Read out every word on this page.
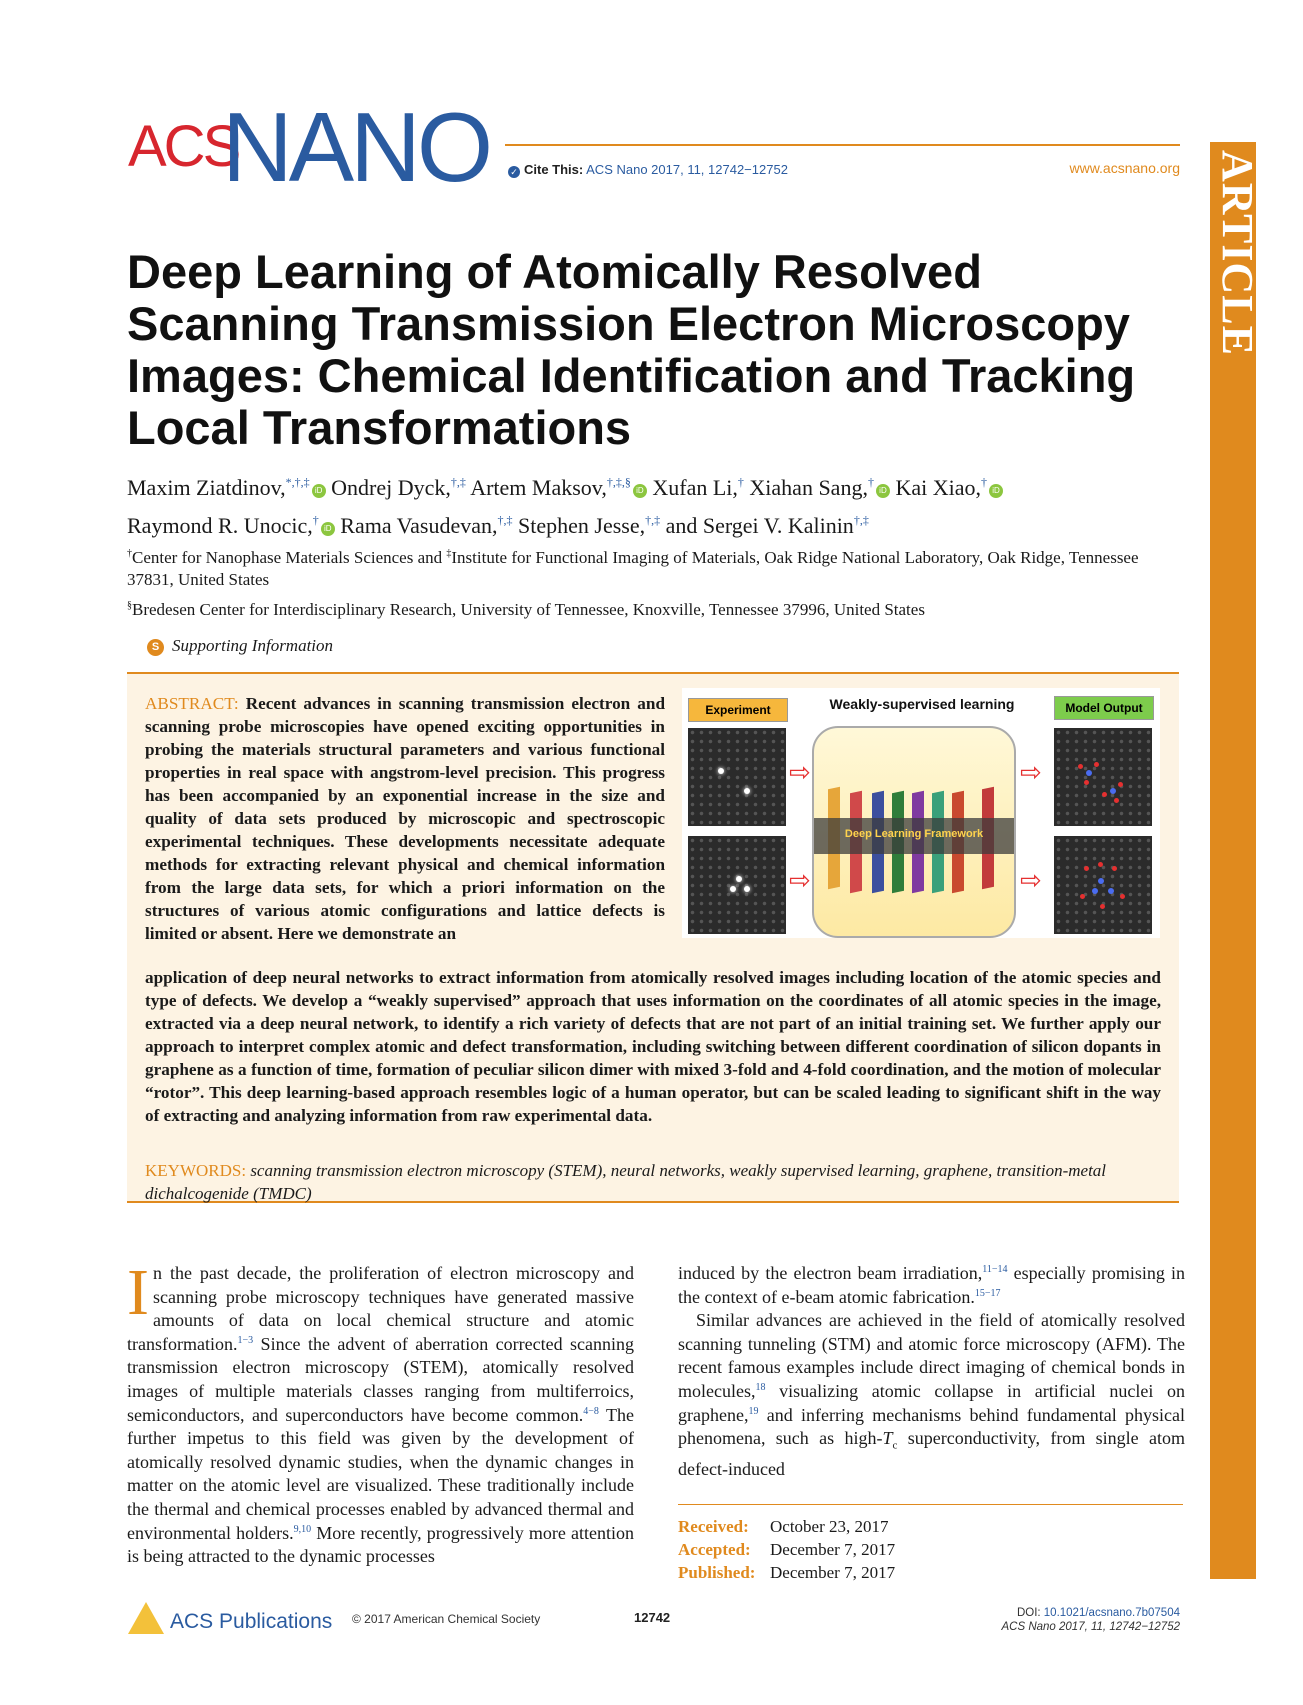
ACS
NANO ✓ Cite This: ACS Nano 2017, 11, 12742−12752	www.acsnano.org ARTICLE
Deep Learning of Atomically Resolved Scanning Transmission Electron Microscopy Images: Chemical Identification and Tracking Local Transformations
Maxim Ziatdinov,*,†,‡iD Ondrej Dyck,†,‡ Artem Maksov,†,‡,§iD Xufan Li,† Xiahan Sang,†iD Kai Xiao,†iD
Raymond R. Unocic,†iD Rama Vasudevan,†,‡ Stephen Jesse,†,‡ and Sergei V. Kalinin†,‡
†Center for Nanophase Materials Sciences and ‡Institute for Functional Imaging of Materials, Oak Ridge National Laboratory, Oak Ridge, Tennessee 37831, United States
§Bredesen Center for Interdisciplinary Research, University of Tennessee, Knoxville, Tennessee 37996, United States
S Supporting Information
ABSTRACT: Recent advances in scanning transmission electron and scanning probe microscopies have opened exciting opportunities in probing the materials structural parameters and various functional properties in real space with angstrom-level precision. This progress has been accompanied by an exponential increase in the size and quality of data sets produced by microscopic and spectroscopic experimental techniques. These developments necessitate adequate methods for extracting relevant physical and chemical information from the large data sets, for which a priori information on the structures of various atomic configurations and lattice defects is limited or absent. Here we demonstrate an
Experiment	Weakly-supervised learning	Model Output
⇨
⇨
Deep Learning Framework
⇨
⇨
application of deep neural networks to extract information from atomically resolved images including location of the atomic species and type of defects. We develop a “weakly supervised” approach that uses information on the coordinates of all atomic species in the image, extracted via a deep neural network, to identify a rich variety of defects that are not part of an initial training set. We further apply our approach to interpret complex atomic and defect transformation, including switching between different coordination of silicon dopants in graphene as a function of time, formation of peculiar silicon dimer with mixed 3-fold and 4-fold coordination, and the motion of molecular “rotor”. This deep learning-based approach resembles logic of a human operator, but can be scaled leading to significant shift in the way of extracting and analyzing information from raw experimental data.
KEYWORDS: scanning transmission electron microscopy (STEM), neural networks, weakly supervised learning, graphene, transition-metal dichalcogenide (TMDC)
In the past decade, the proliferation of electron microscopy and scanning probe microscopy techniques have generated massive amounts of data on local chemical structure and atomic transformation.$^{1-3}$ Since the advent of aberration corrected scanning transmission electron microscopy (STEM), atomically resolved images of multiple materials classes ranging from multiferroics, semiconductors, and superconductors have become common.$^{4-8}$ The further impetus to this field was given by the development of atomically resolved dynamic studies, when the dynamic changes in matter on the atomic level are visualized. These traditionally include the thermal and chemical processes enabled by advanced thermal and environmental holders.$^{9,10}$ More recently, progressively more attention is being attracted to the dynamic processes

induced by the electron beam irradiation,$^{11-14}$ especially promising in the context of e-beam atomic fabrication.$^{15-17}$

Similar advances are achieved in the field of atomically resolved scanning tunneling (STM) and atomic force microscopy (AFM). The recent famous examples include direct imaging of chemical bonds in molecules,$^{18}$ visualizing atomic collapse in artificial nuclei on graphene,$^{19}$ and inferring mechanisms behind fundamental physical phenomena, such as high-$T_c$ superconductivity, from single atom defect-induced

Received: October 23, 2017
Accepted: December 7, 2017
Published: December 7, 2017
ACS Publications © 2017 American Chemical Society	12742	DOI: 10.1021/acsnano.7b07504
ACS Nano 2017, 11, 12742−12752
